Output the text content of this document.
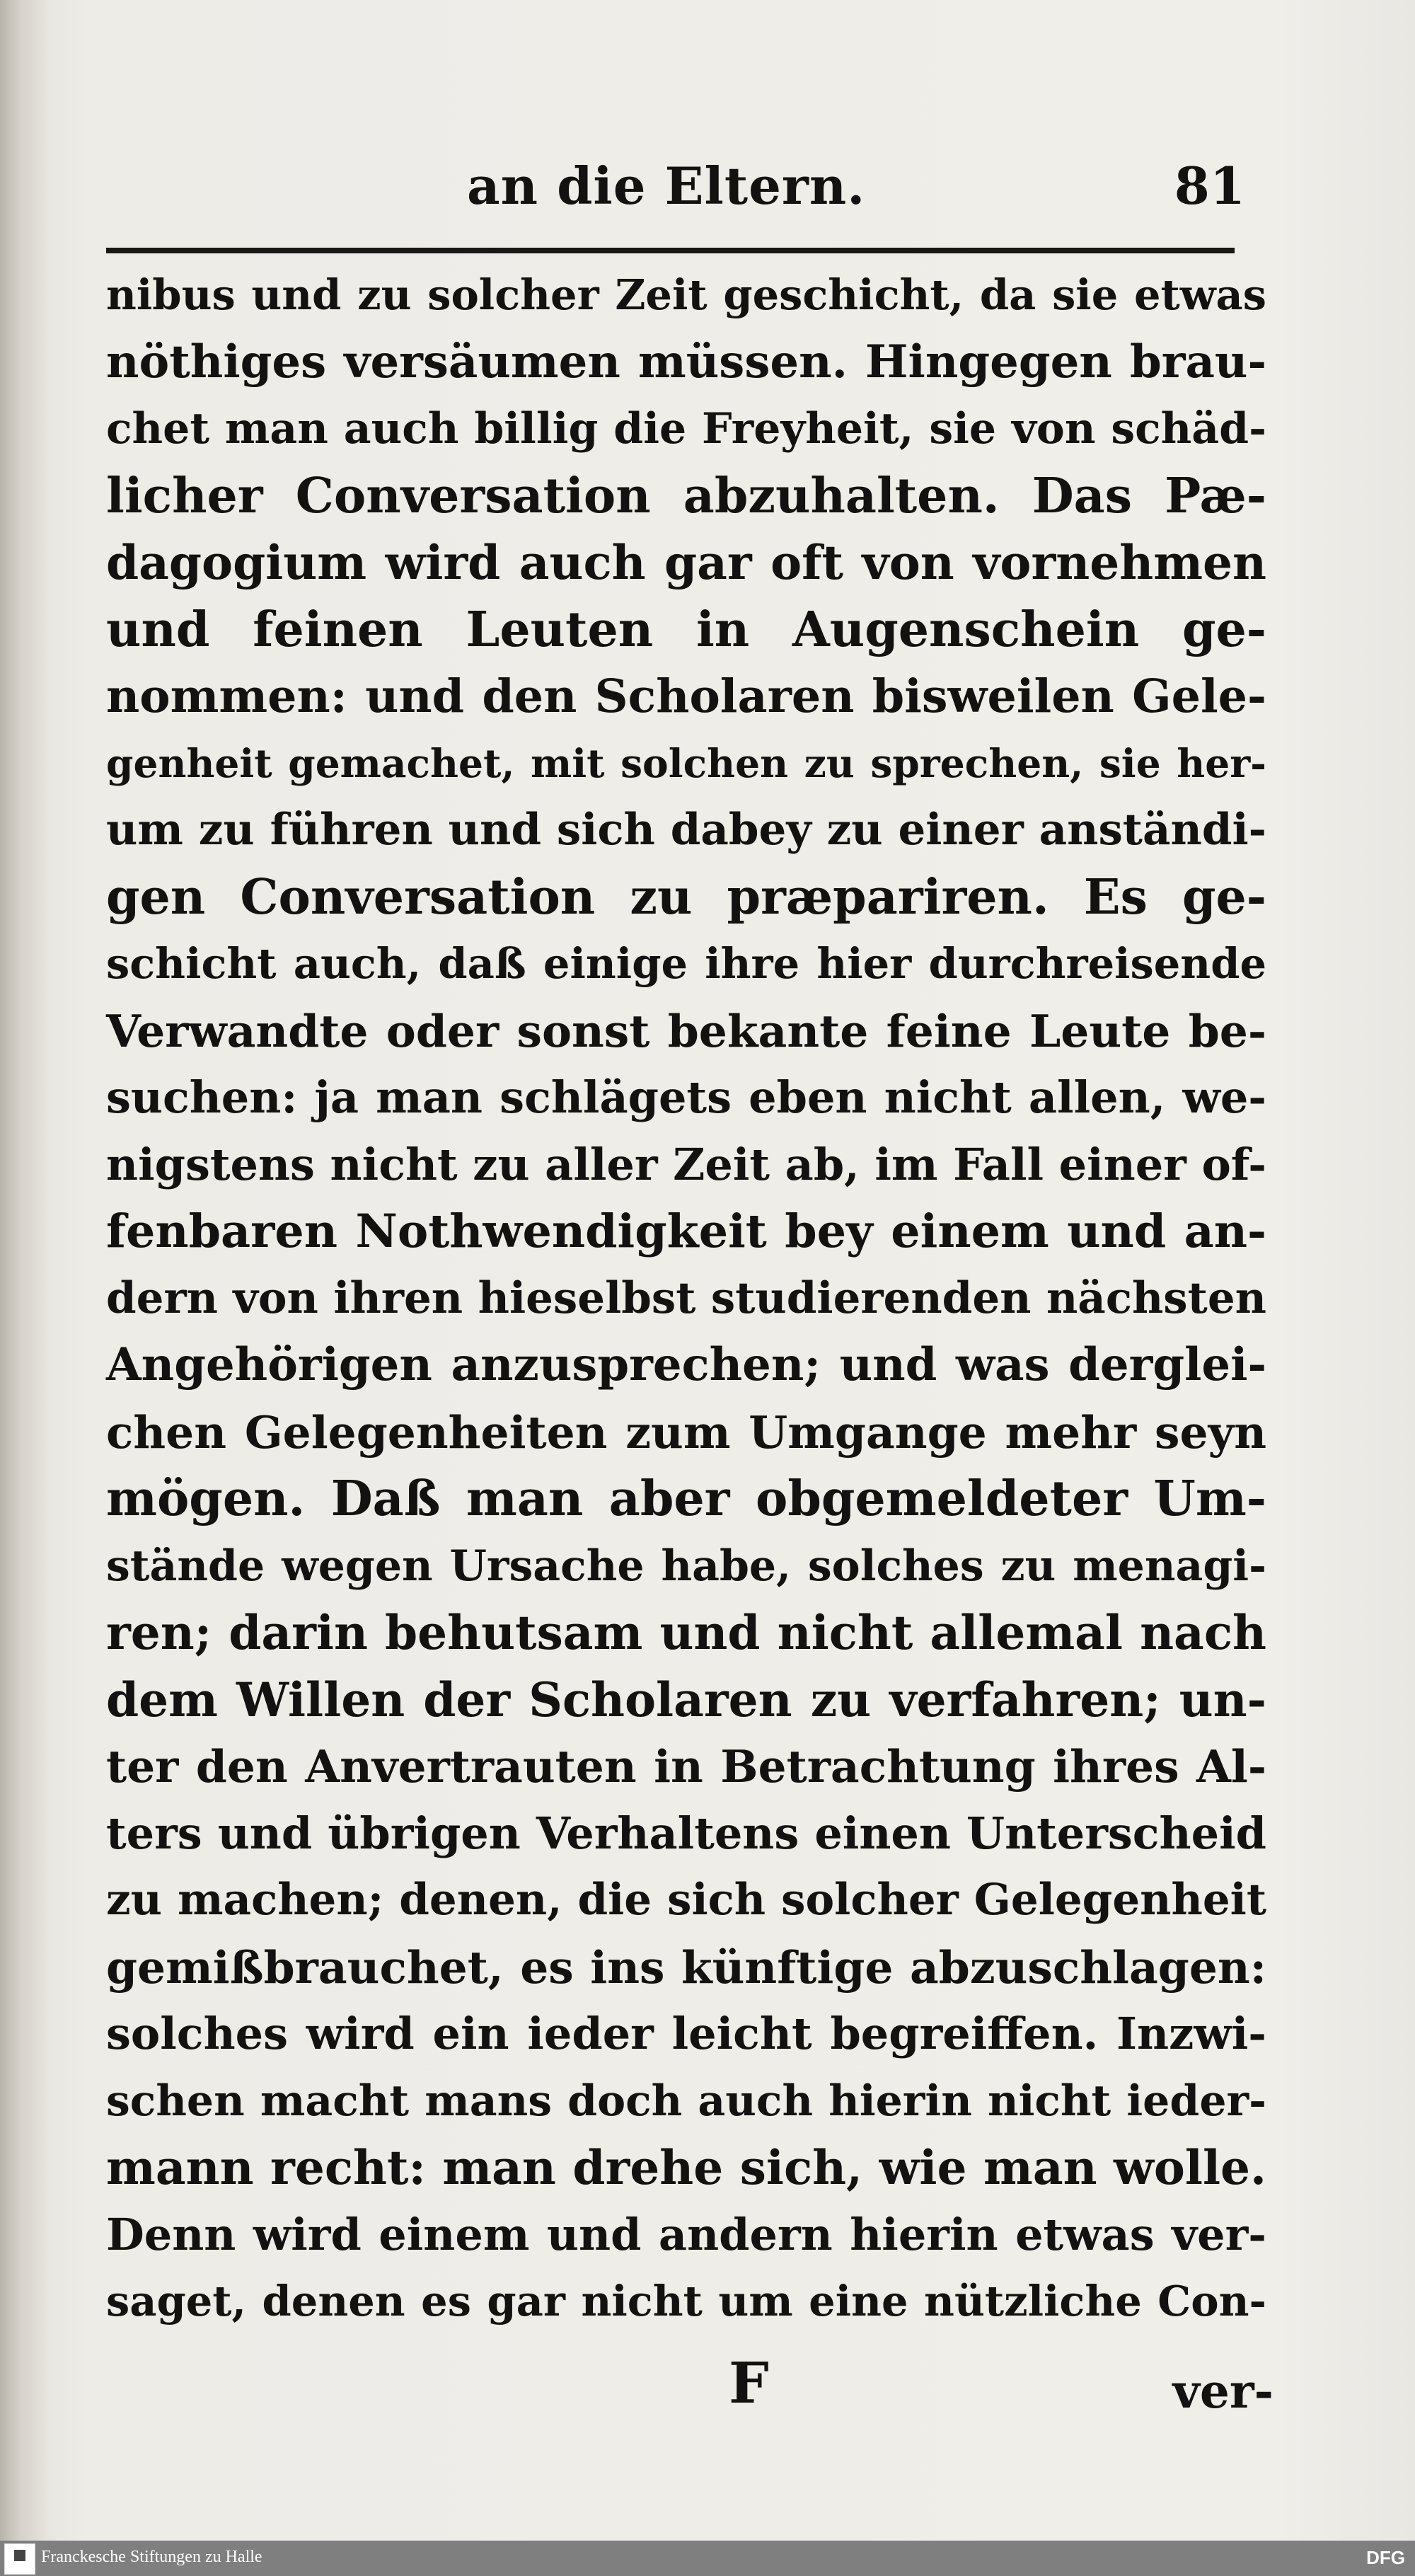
an die Eltern.	81
nibus und zu solcher Zeit geschicht, da sie etwas
nöthiges versäumen müssen. Hingegen brau-
chet man auch billig die Freyheit, sie von schäd-
licher Conversation abzuhalten. Das Pæ-
dagogium wird auch gar oft von vornehmen
und feinen Leuten in Augenschein ge-
nommen: und den Scholaren bisweilen Gele-
genheit gemachet, mit solchen zu sprechen, sie her-
um zu führen und sich dabey zu einer anständi-
gen Conversation zu præpariren. Es ge-
schicht auch, daß einige ihre hier durchreisende
Verwandte oder sonst bekante feine Leute be-
suchen: ja man schlägets eben nicht allen, we-
nigstens nicht zu aller Zeit ab, im Fall einer of-
fenbaren Nothwendigkeit bey einem und an-
dern von ihren hieselbst studierenden nächsten
Angehörigen anzusprechen; und was derglei-
chen Gelegenheiten zum Umgange mehr seyn
mögen. Daß man aber obgemeldeter Um-
stände wegen Ursache habe, solches zu menagi-
ren; darin behutsam und nicht allemal nach
dem Willen der Scholaren zu verfahren; un-
ter den Anvertrauten in Betrachtung ihres Al-
ters und übrigen Verhaltens einen Unterscheid
zu machen; denen, die sich solcher Gelegenheit
gemißbrauchet, es ins künftige abzuschlagen:
solches wird ein ieder leicht begreiffen. Inzwi-
schen macht mans doch auch hierin nicht ieder-
mann recht: man drehe sich, wie man wolle.
Denn wird einem und andern hierin etwas ver-
saget, denen es gar nicht um eine nützliche Con-
F	ver-
Franckesche Stiftungen zu Halle	DFG
